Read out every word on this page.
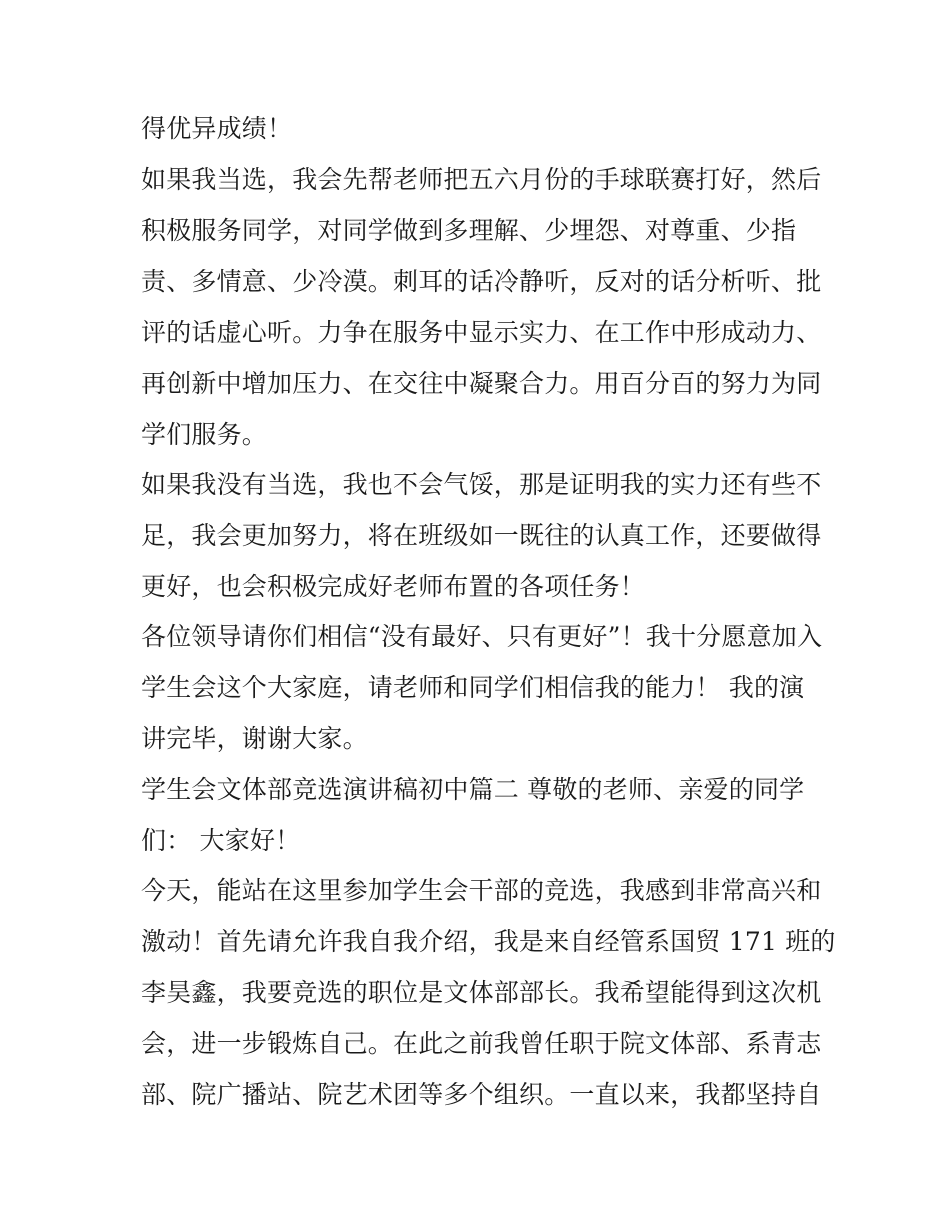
得优异成绩！
如果我当选，我会先帮老师把五六月份的手球联赛打好，然后
积极服务同学，对同学做到多理解、少埋怨、对尊重、少指
责、多情意、少冷漠。刺耳的话冷静听，反对的话分析听、批
评的话虚心听。力争在服务中显示实力、在工作中形成动力、
再创新中增加压力、在交往中凝聚合力。用百分百的努力为同
学们服务。
如果我没有当选，我也不会气馁，那是证明我的实力还有些不
足，我会更加努力，将在班级如一既往的认真工作，还要做得
更好，也会积极完成好老师布置的各项任务！
各位领导请你们相信“没有最好、只有更好”！我十分愿意加入
学生会这个大家庭，请老师和同学们相信我的能力！ 我的演
讲完毕，谢谢大家。
学生会文体部竞选演讲稿初中篇二 尊敬的老师、亲爱的同学
们： 大家好！
今天，能站在这里参加学生会干部的竞选，我感到非常高兴和
激动！首先请允许我自我介绍，我是来自经管系国贸 171 班的
李昊鑫，我要竞选的职位是文体部部长。我希望能得到这次机
会，进一步锻炼自己。在此之前我曾任职于院文体部、系青志
部、院广播站、院艺术团等多个组织。一直以来，我都坚持自
